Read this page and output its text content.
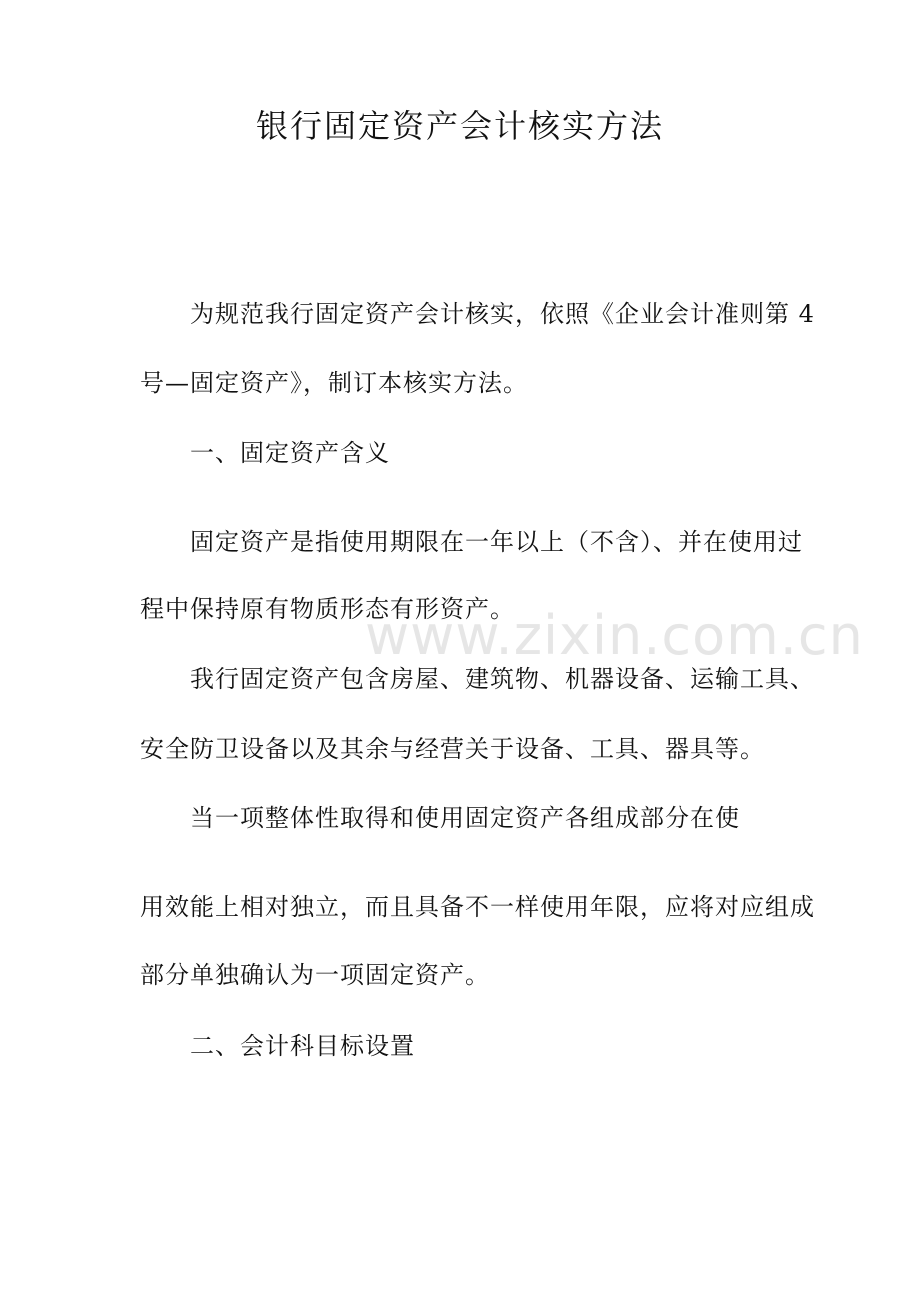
www.zixin.com.cn
银行固定资产会计核实方法
为规范我行固定资产会计核实，依照《企业会计准则第 4
号—固定资产》，制订本核实方法。
一、固定资产含义
固定资产是指使用期限在一年以上（不含）、并在使用过
程中保持原有物质形态有形资产。
我行固定资产包含房屋、建筑物、机器设备、运输工具、
安全防卫设备以及其余与经营关于设备、工具、器具等。
当一项整体性取得和使用固定资产各组成部分在使
用效能上相对独立，而且具备不一样使用年限，应将对应组成
部分单独确认为一项固定资产。
二、会计科目标设置
